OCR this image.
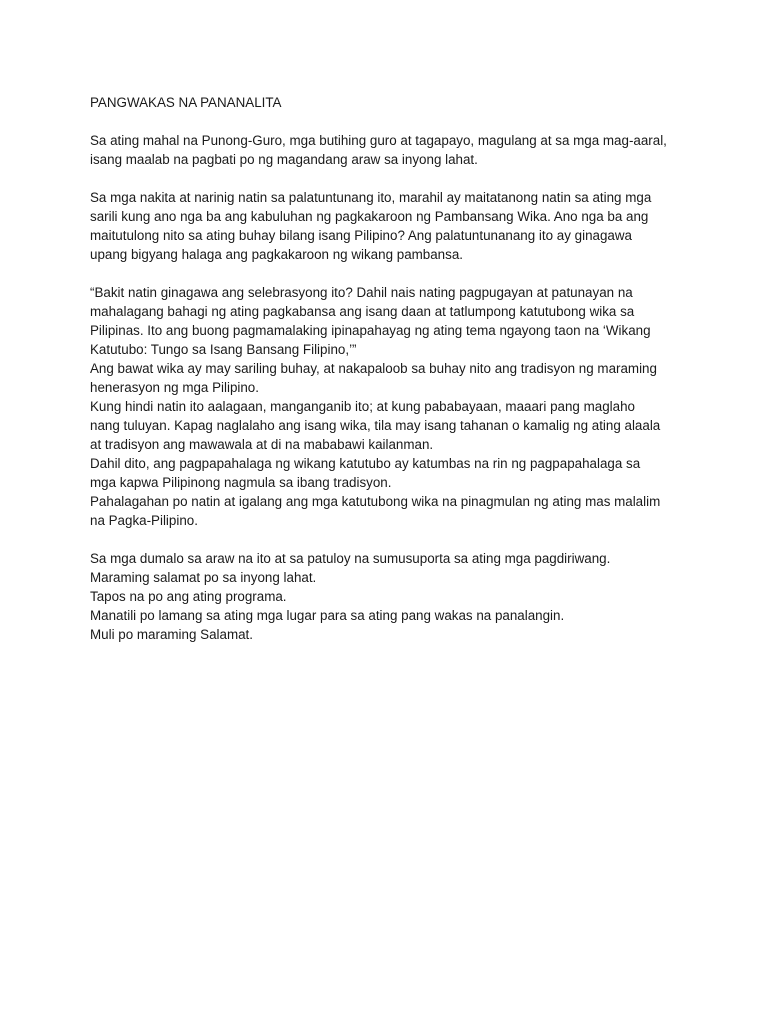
PANGWAKAS NA PANANALITA
Sa ating mahal na Punong-Guro, mga butihing guro at tagapayo, magulang at sa mga mag-aaral,
isang maalab na pagbati po ng magandang araw sa inyong lahat.
Sa mga nakita at narinig natin sa palatuntunang ito, marahil ay maitatanong natin sa ating mga
sarili kung ano nga ba ang kabuluhan ng pagkakaroon ng Pambansang Wika. Ano nga ba ang
maitutulong nito sa ating buhay bilang isang Pilipino? Ang palatuntunanang ito ay ginagawa
upang bigyang halaga ang pagkakaroon ng wikang pambansa.
“Bakit natin ginagawa ang selebrasyong ito? Dahil nais nating pagpugayan at patunayan na
mahalagang bahagi ng ating pagkabansa ang isang daan at tatlumpong katutubong wika sa
Pilipinas. Ito ang buong pagmamalaking ipinapahayag ng ating tema ngayong taon na ‘Wikang
Katutubo: Tungo sa Isang Bansang Filipino,’”
Ang bawat wika ay may sariling buhay, at nakapaloob sa buhay nito ang tradisyon ng maraming
henerasyon ng mga Pilipino.
Kung hindi natin ito aalagaan, manganganib ito; at kung pababayaan, maaari pang maglaho
nang tuluyan. Kapag naglalaho ang isang wika, tila may isang tahanan o kamalig ng ating alaala
at tradisyon ang mawawala at di na mababawi kailanman.
Dahil dito, ang pagpapahalaga ng wikang katutubo ay katumbas na rin ng pagpapahalaga sa
mga kapwa Pilipinong nagmula sa ibang tradisyon.
Pahalagahan po natin at igalang ang mga katutubong wika na pinagmulan ng ating mas malalim
na Pagka-Pilipino.
Sa mga dumalo sa araw na ito at sa patuloy na sumusuporta sa ating mga pagdiriwang.
Maraming salamat po sa inyong lahat.
Tapos na po ang ating programa.
Manatili po lamang sa ating mga lugar para sa ating pang wakas na panalangin.
Muli po maraming Salamat.
